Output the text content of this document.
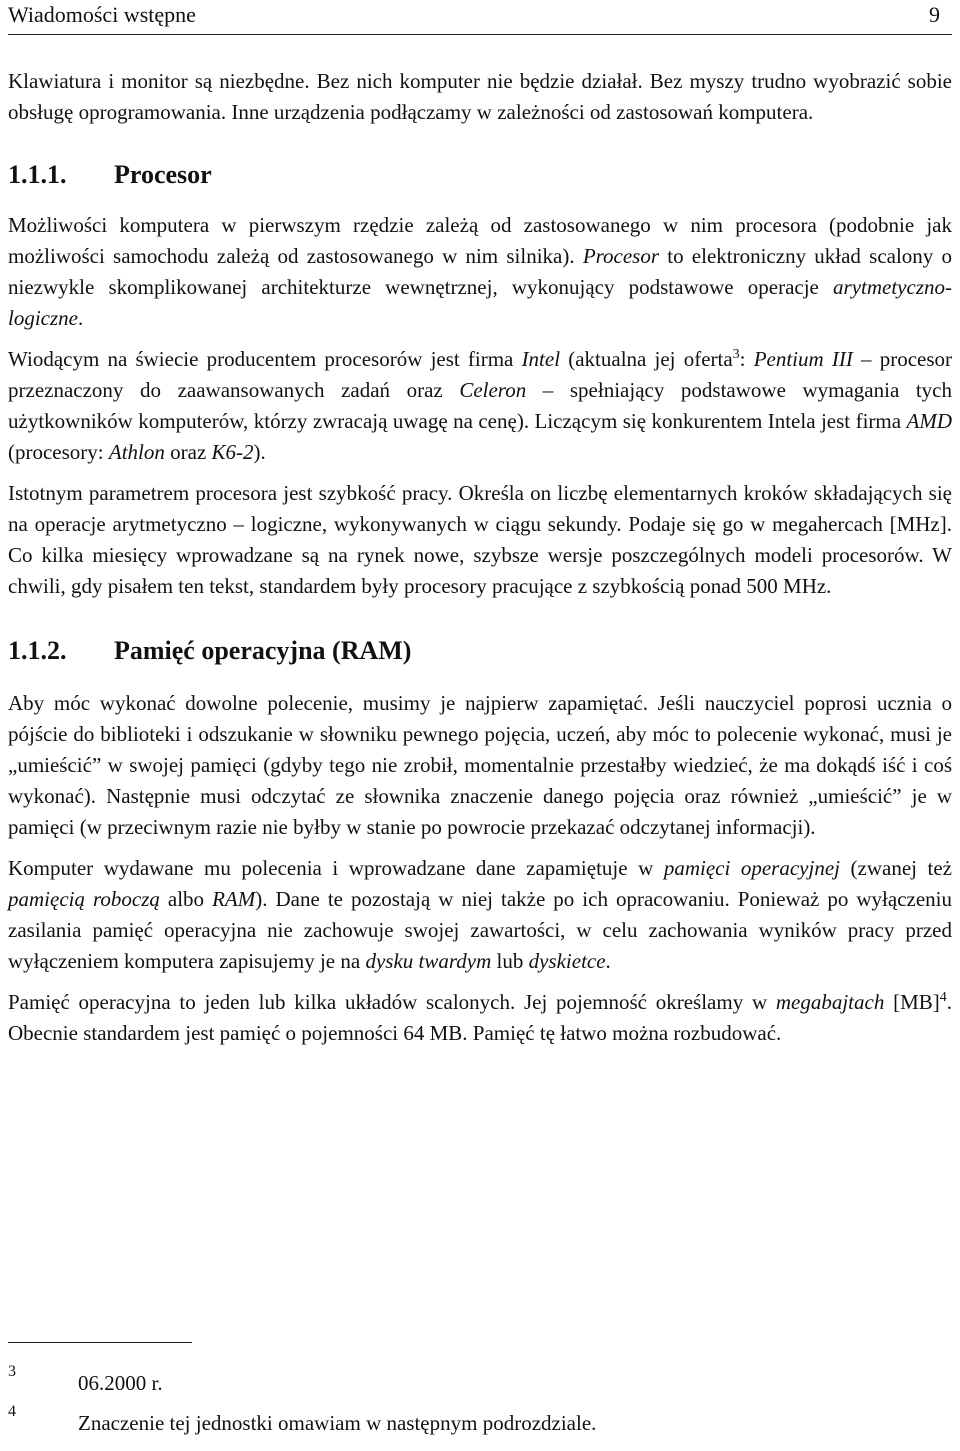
Wiadomości wstępne	9

Klawiatura i monitor są niezbędne. Bez nich komputer nie będzie działał. Bez myszy trudno wyobrazić sobie obsługę oprogramowania. Inne urządzenia podłączamy w zależności od zastosowań komputera.

1.1.1.	Procesor

Możliwości komputera w pierwszym rzędzie zależą od zastosowanego w nim procesora (podobnie jak możliwości samochodu zależą od zastosowanego w nim silnika). Procesor to elektroniczny układ scalony o niezwykle skomplikowanej architekturze wewnętrznej, wykonujący podstawowe operacje arytmetyczno-logiczne.

Wiodącym na świecie producentem procesorów jest firma Intel (aktualna jej oferta$^3$: Pentium III – procesor przeznaczony do zaawansowanych zadań oraz Celeron – spełniający podstawowe wymagania tych użytkowników komputerów, którzy zwracają uwagę na cenę). Liczącym się konkurentem Intela jest firma AMD (procesory: Athlon oraz K6-2).

Istotnym parametrem procesora jest szybkość pracy. Określa on liczbę elementarnych kroków składających się na operacje arytmetyczno – logiczne, wykonywanych w ciągu sekundy. Podaje się go w megahercach [MHz]. Co kilka miesięcy wprowadzane są na rynek nowe, szybsze wersje poszczególnych modeli procesorów. W chwili, gdy pisałem ten tekst, standardem były procesory pracujące z szybkością ponad 500 MHz.

1.1.2.	Pamięć operacyjna (RAM)

Aby móc wykonać dowolne polecenie, musimy je najpierw zapamiętać. Jeśli nauczyciel poprosi ucznia o pójście do biblioteki i odszukanie w słowniku pewnego pojęcia, uczeń, aby móc to polecenie wykonać, musi je „umieścić” w swojej pamięci (gdyby tego nie zrobił, momentalnie przestałby wiedzieć, że ma dokądś iść i coś wykonać). Następnie musi odczytać ze słownika znaczenie danego pojęcia oraz również „umieścić” je w pamięci (w przeciwnym razie nie byłby w stanie po powrocie przekazać odczytanej informacji).

Komputer wydawane mu polecenia i wprowadzane dane zapamiętuje w pamięci operacyjnej (zwanej też pamięcią roboczą albo RAM). Dane te pozostają w niej także po ich opracowaniu. Ponieważ po wyłączeniu zasilania pamięć operacyjna nie zachowuje swojej zawartości, w celu zachowania wyników pracy przed wyłączeniem komputera zapisujemy je na dysku twardym lub dyskietce.

Pamięć operacyjna to jeden lub kilka układów scalonych. Jej pojemność określamy w megabajtach [MB]$^4$. Obecnie standardem jest pamięć o pojemności 64 MB. Pamięć tę łatwo można rozbudować.

3	06.2000 r.
4	Znaczenie tej jednostki omawiam w następnym podrozdziale.
